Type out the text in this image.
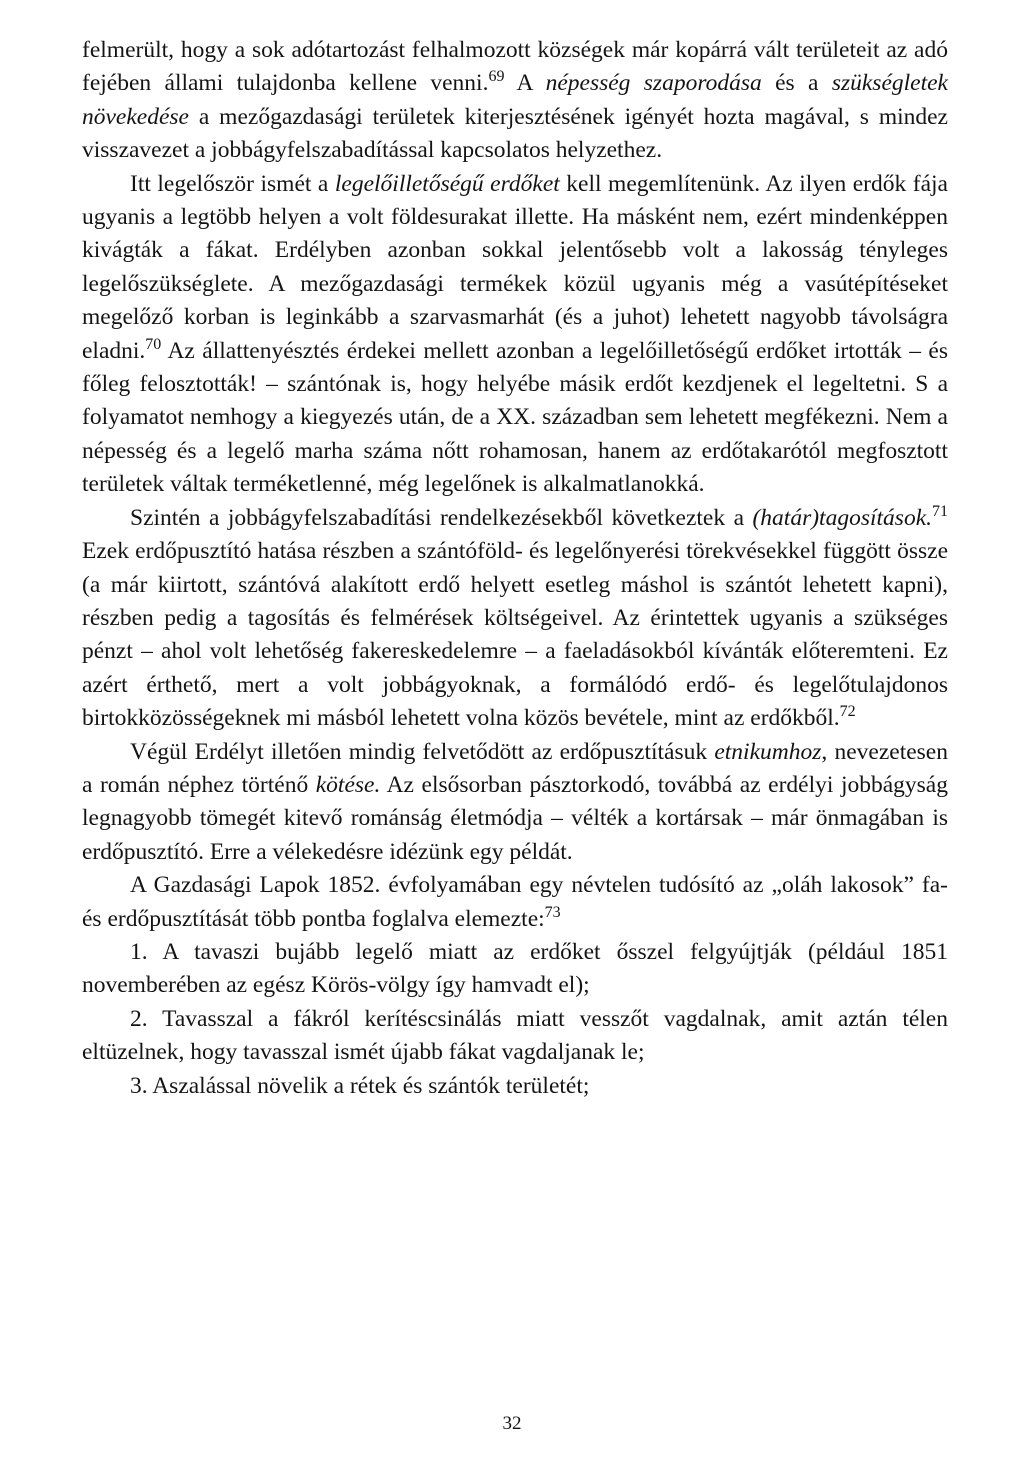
felmerült, hogy a sok adótartozást felhalmozott községek már kopárrá vált területeit az adó fejében állami tulajdonba kellene venni.$^{69}$ A népesség szaporodása és a szükségletek növekedése a mezőgazdasági területek kiterjesztésének igényét hozta magával, s mindez visszavezet a jobbágyfelszabadítással kapcsolatos helyzethez.

Itt legelőször ismét a legelőilletőségű erdőket kell megemlítenünk. Az ilyen erdők fája ugyanis a legtöbb helyen a volt földesurakat illette. Ha másként nem, ezért mindenképpen kivágták a fákat. Erdélyben azonban sokkal jelentősebb volt a lakosság tényleges legelőszükséglete. A mezőgazdasági termékek közül ugyanis még a vasútépítéseket megelőző korban is leginkább a szarvasmarhát (és a juhot) lehetett nagyobb távolságra eladni.$^{70}$ Az állattenyésztés érdekei mellett azonban a legelőilletőségű erdőket irtották – és főleg felosztották! – szántónak is, hogy helyébe másik erdőt kezdjenek el legeltetni. S a folyamatot nemhogy a kiegyezés után, de a XX. században sem lehetett megfékezni. Nem a népesség és a legelő marha száma nőtt rohamosan, hanem az erdőtakarótól megfosztott területek váltak terméketlenné, még legelőnek is alkalmatlanokká.

Szintén a jobbágyfelszabadítási rendelkezésekből következtek a (határ)tagosítások.$^{71}$ Ezek erdőpusztító hatása részben a szántóföld- és legelőnyerési törekvésekkel függött össze (a már kiirtott, szántóvá alakított erdő helyett esetleg máshol is szántót lehetett kapni), részben pedig a tagosítás és felmérések költségeivel. Az érintettek ugyanis a szükséges pénzt – ahol volt lehetőség fakereskedelemre – a faeladásokból kívánták előteremteni. Ez azért érthető, mert a volt jobbágyoknak, a formálódó erdő- és legelőtulajdonos birtokközösségeknek mi másból lehetett volna közös bevétele, mint az erdőkből.$^{72}$

Végül Erdélyt illetően mindig felvetődött az erdőpusztításuk etnikumhoz, nevezetesen a román néphez történő kötése. Az elsősorban pásztorkodó, továbbá az erdélyi jobbágyság legnagyobb tömegét kitevő románság életmódja – vélték a kortársak – már önmagában is erdőpusztító. Erre a vélekedésre idézünk egy példát.

A Gazdasági Lapok 1852. évfolyamában egy névtelen tudósító az „oláh lakosok” fa- és erdőpusztítását több pontba foglalva elemezte:$^{73}$

1. A tavaszi bujább legelő miatt az erdőket ősszel felgyújtják (például 1851 novemberében az egész Körös-völgy így hamvadt el);

2. Tavasszal a fákról kerítéscsinálás miatt vesszőt vagdalnak, amit aztán télen eltüzelnek, hogy tavasszal ismét újabb fákat vagdaljanak le;

3. Aszalással növelik a rétek és szántók területét;

32
